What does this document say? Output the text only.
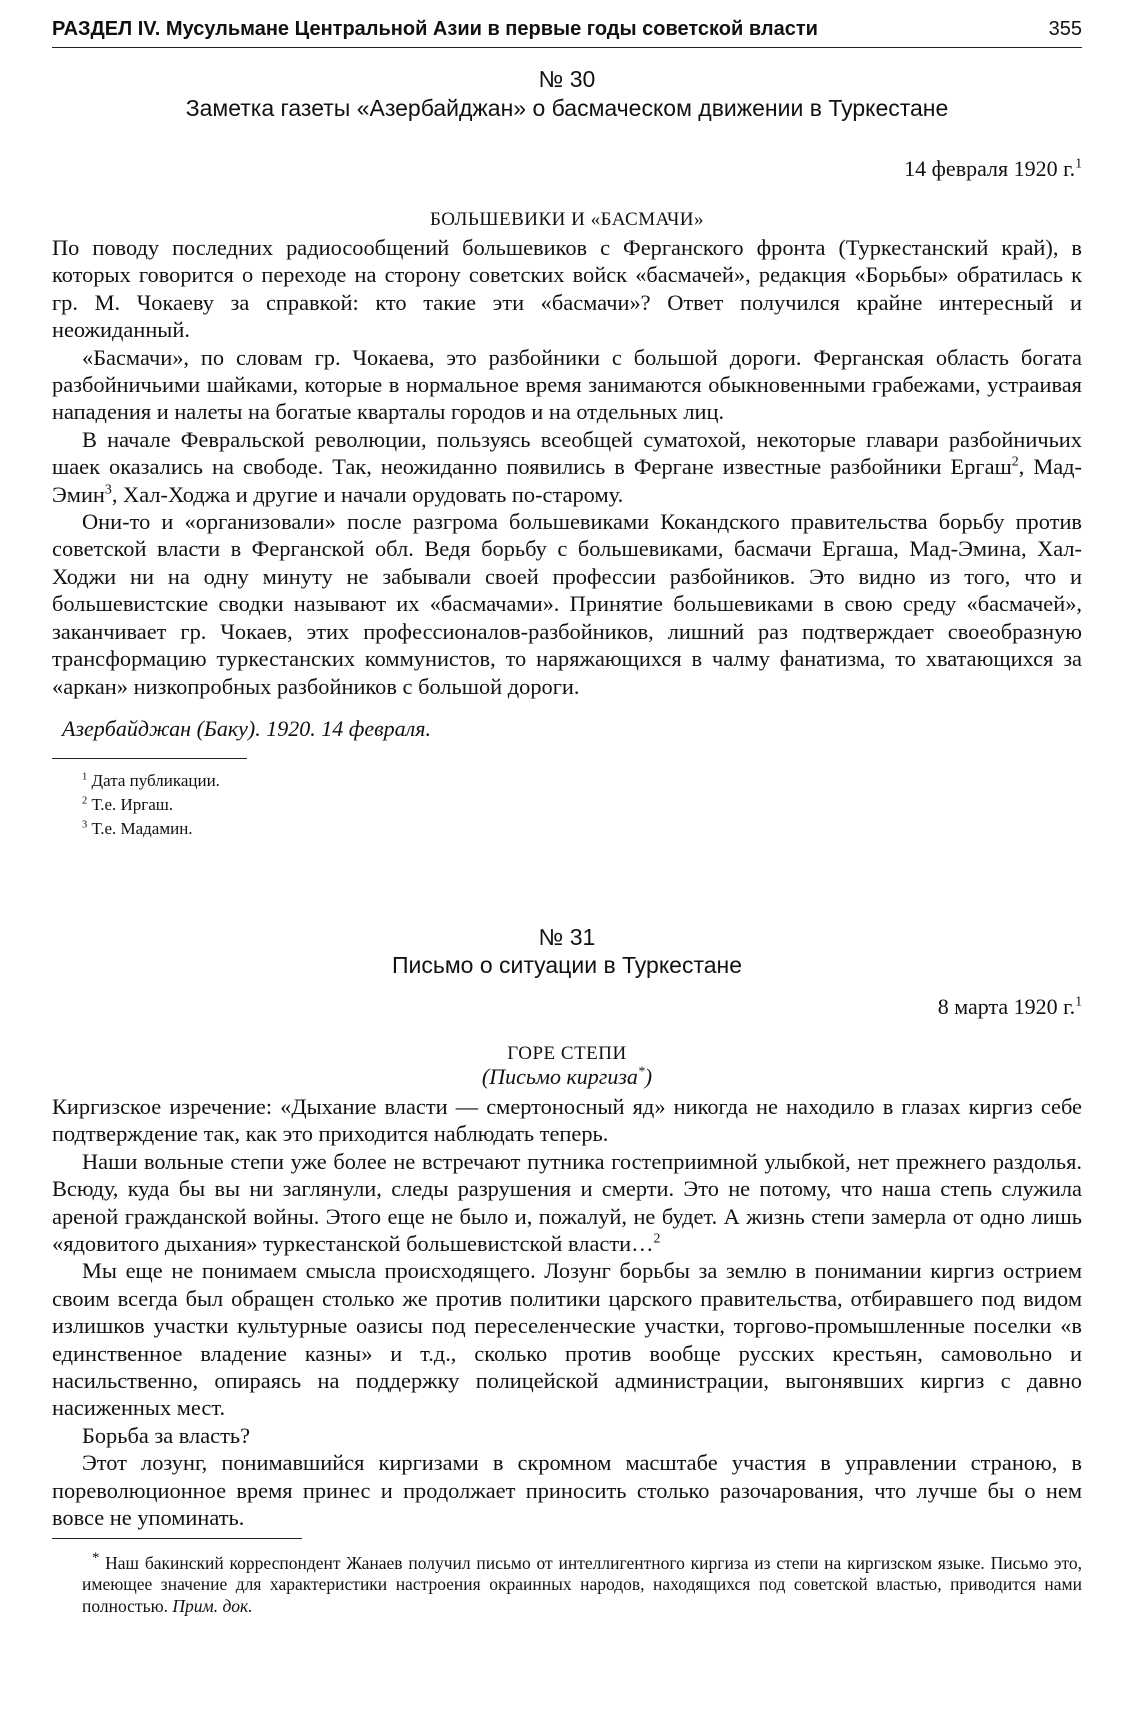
РАЗДЕЛ IV. Мусульмане Центральной Азии в первые годы советской власти	355
№ 30
Заметка газеты «Азербайджан» о басмаческом движении в Туркестане
14 февраля 1920 г.$^1$
БОЛЬШЕВИКИ И «БАСМАЧИ»

По поводу последних радиосообщений большевиков с Ферганского фронта (Туркестанский край), в которых говорится о переходе на сторону советских войск «басмачей», редакция «Борьбы» обратилась к гр. М. Чокаеву за справкой: кто такие эти «басмачи»? Ответ получился крайне интересный и неожиданный.

«Басмачи», по словам гр. Чокаева, это разбойники с большой дороги. Ферганская область богата разбойничьими шайками, которые в нормальное время занимаются обыкновенными грабежами, устраивая нападения и налеты на богатые кварталы городов и на отдельных лиц.

В начале Февральской революции, пользуясь всеобщей суматохой, некоторые главари разбойничьих шаек оказались на свободе. Так, неожиданно появились в Фергане известные разбойники Ергаш$^2$, Мад-Эмин$^3$, Хал-Ходжа и другие и начали орудовать по-старому.

Они-то и «организовали» после разгрома большевиками Кокандского правительства борьбу против советской власти в Ферганской обл. Ведя борьбу с большевиками, басмачи Ергаша, Мад-Эмина, Хал-Ходжи ни на одну минуту не забывали своей профессии разбойников. Это видно из того, что и большевистские сводки называют их «басмачами». Принятие большевиками в свою среду «басмачей», заканчивает гр. Чокаев, этих профессионалов-разбойников, лишний раз подтверждает своеобразную трансформацию туркестанских коммунистов, то наряжающихся в чалму фанатизма, то хватающихся за «аркан» низкопробных разбойников с большой дороги.

Азербайджан (Баку). 1920. 14 февраля.
$^1$ Дата публикации.
$^2$ Т.е. Иргаш.
$^3$ Т.е. Мадамин.
№ 31
Письмо о ситуации в Туркестане
8 марта 1920 г.$^1$
ГОРЕ СТЕПИ
(Письмо киргиза*)

Киргизское изречение: «Дыхание власти — смертоносный яд» никогда не находило в глазах киргиз себе подтверждение так, как это приходится наблюдать теперь.

Наши вольные степи уже более не встречают путника гостеприимной улыбкой, нет прежнего раздолья. Всюду, куда бы вы ни заглянули, следы разрушения и смерти. Это не потому, что наша степь служила ареной гражданской войны. Этого еще не было и, пожалуй, не будет. А жизнь степи замерла от одно лишь «ядовитого дыхания» туркестанской большевистской власти…$^2$

Мы еще не понимаем смысла происходящего. Лозунг борьбы за землю в понимании киргиз острием своим всегда был обращен столько же против политики царского правительства, отбиравшего под видом излишков участки культурные оазисы под переселенческие участки, торгово-промышленные поселки «в единственное владение казны» и т.д., сколько против вообще русских крестьян, самовольно и насильственно, опираясь на поддержку полицейской администрации, выгонявших киргиз с давно насиженных мест.

Борьба за власть?

Этот лозунг, понимавшийся киргизами в скромном масштабе участия в управлении страною, в пореволюционное время принес и продолжает приносить столько разочарования, что лучше бы о нем вовсе не упоминать.

* Наш бакинский корреспондент Жанаев получил письмо от интеллигентного киргиза из степи на киргизском языке. Письмо это, имеющее значение для характеристики настроения окраинных народов, находящихся под советской властью, приводится нами полностью. Прим. док.
